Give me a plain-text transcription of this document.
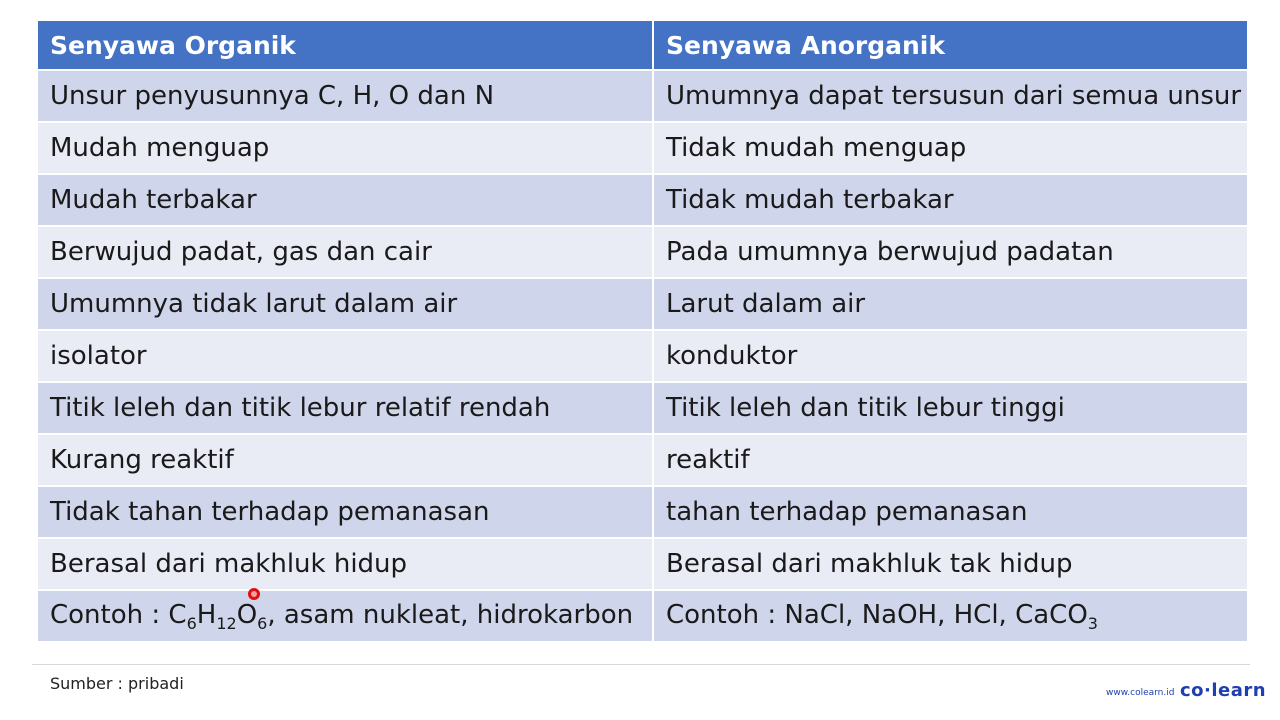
Senyawa Organik	Senyawa Anorganik
Unsur penyusunnya C, H, O dan N	Umumnya dapat tersusun dari semua unsur
Mudah menguap	Tidak mudah menguap
Mudah terbakar	Tidak mudah terbakar
Berwujud padat, gas dan cair	Pada umumnya berwujud padatan
Umumnya tidak larut dalam air	Larut dalam air
isolator	konduktor
Titik leleh dan titik lebur relatif rendah	Titik leleh dan titik lebur tinggi
Kurang reaktif	reaktif
Tidak tahan terhadap pemanasan	tahan terhadap pemanasan
Berasal dari makhluk hidup	Berasal dari makhluk tak hidup
Contoh : $C_6H_{12}O_6$, asam nukleat, hidrokarbon	Contoh : NaCl, NaOH, HCl, CaCO$_3$
Sumber : pribadi	www.colearn.id co·learn
